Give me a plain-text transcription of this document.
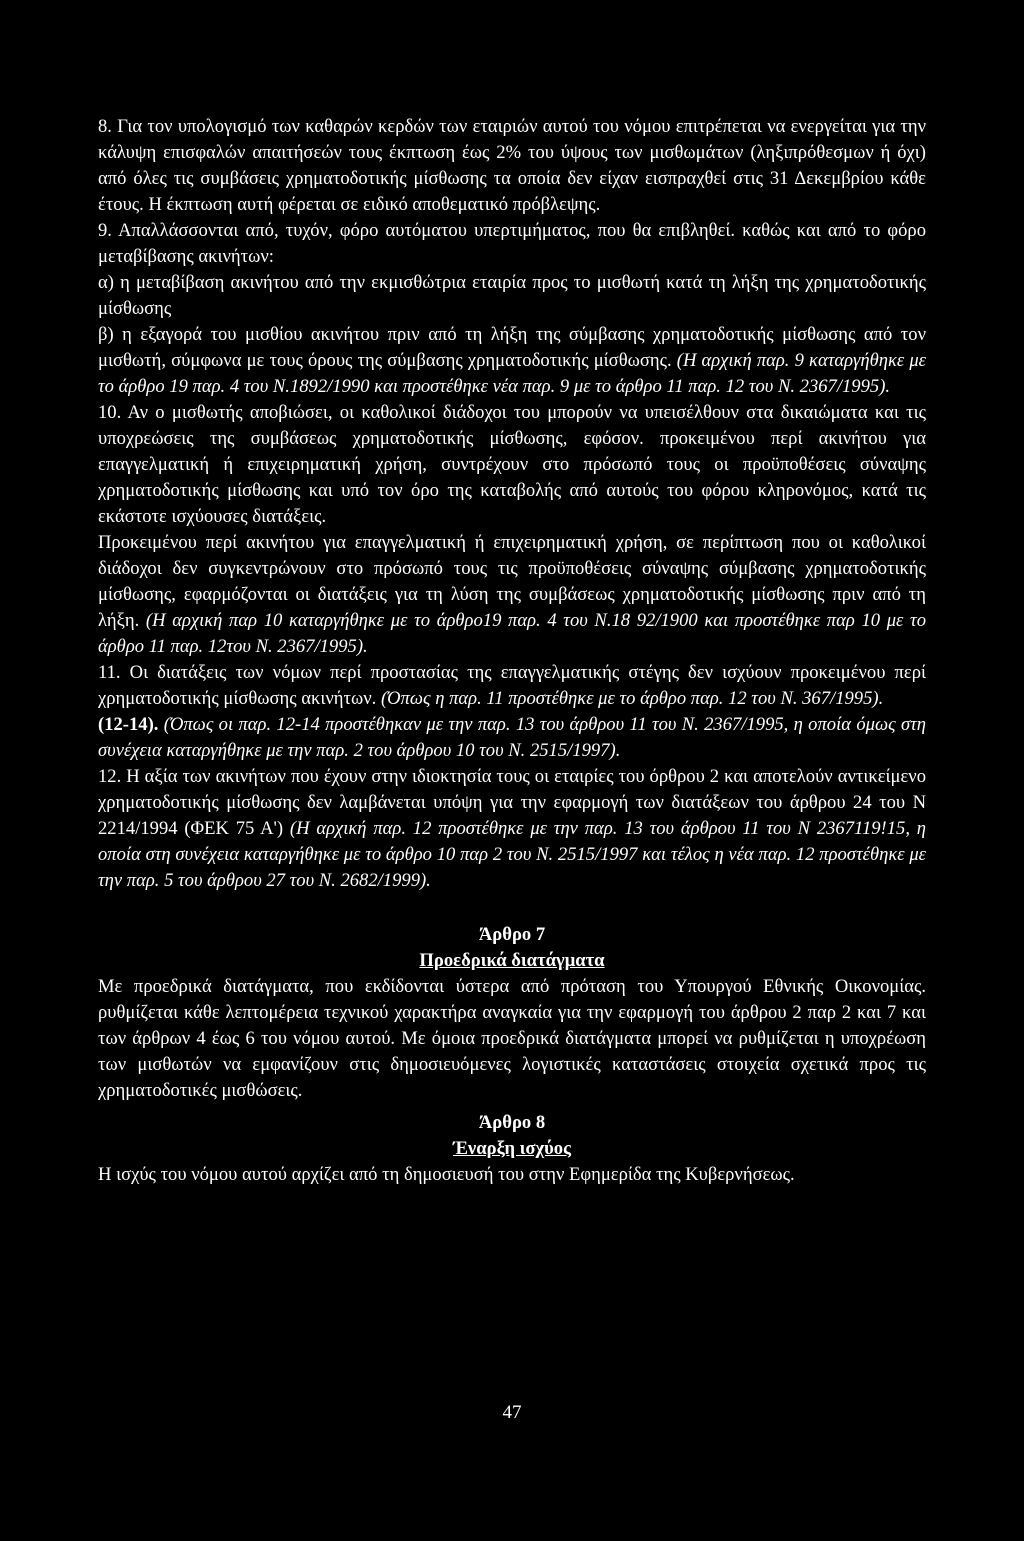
8. Για τον υπολογισμό των καθαρών κερδών των εταιριών αυτού του νόμου επιτρέπεται να ενεργείται για την κάλυψη επισφαλών απαιτήσεών τους έκπτωση έως 2% του ύψους των μισθωμάτων (ληξιπρόθεσμων ή όχι) από όλες τις συμβάσεις χρηματοδοτικής μίσθωσης τα οποία δεν είχαν εισπραχθεί στις 31 Δεκεμβρίου κάθε έτους. Η έκπτωση αυτή φέρεται σε ειδικό αποθεματικό πρόβλεψης.

9. Απαλλάσσονται από, τυχόν, φόρο αυτόματου υπερτιμήματος, που θα επιβληθεί. καθώς και από το φόρο μεταβίβασης ακινήτων:

α) η μεταβίβαση ακινήτου από την εκμισθώτρια εταιρία προς το μισθωτή κατά τη λήξη της χρηματοδοτικής μίσθωσης

β) η εξαγορά του μισθίου ακινήτου πριν από τη λήξη της σύμβασης χρηματοδοτικής μίσθωσης από τον μισθωτή, σύμφωνα με τους όρους της σύμβασης χρηματοδοτικής μίσθωσης. (Η αρχική παρ. 9 καταργήθηκε με το άρθρο 19 παρ. 4 του Ν.1892/1990 και προστέθηκε νέα παρ. 9 με το άρθρο 11 παρ. 12 του Ν. 2367/1995).

10. Αν ο μισθωτής αποβιώσει, οι καθολικοί διάδοχοι του μπορούν να υπεισέλθουν στα δικαιώματα και τις υποχρεώσεις της συμβάσεως χρηματοδοτικής μίσθωσης, εφόσον. προκειμένου περί ακινήτου για επαγγελματική ή επιχειρηματική χρήση, συντρέχουν στο πρόσωπό τους οι προϋποθέσεις σύναψης χρηματοδοτικής μίσθωσης και υπό τον όρο της καταβολής από αυτούς του φόρου κληρονόμος, κατά τις εκάστοτε ισχύουσες διατάξεις.

Προκειμένου περί ακινήτου για επαγγελματική ή επιχειρηματική χρήση, σε περίπτωση που οι καθολικοί διάδοχοι δεν συγκεντρώνουν στο πρόσωπό τους τις προϋποθέσεις σύναψης σύμβασης χρηματοδοτικής μίσθωσης, εφαρμόζονται οι διατάξεις για τη λύση της συμβάσεως χρηματοδοτικής μίσθωσης πριν από τη λήξη. (Η αρχική παρ 10 καταργήθηκε με το άρθρο19 παρ. 4 του Ν.18 92/1900 και προστέθηκε παρ 10 με το άρθρο 11 παρ. 12του Ν. 2367/1995).

11. Οι διατάξεις των νόμων περί προστασίας της επαγγελματικής στέγης δεν ισχύουν προκειμένου περί χρηματοδοτικής μίσθωσης ακινήτων. (Όπως η παρ. 11 προστέθηκε με το άρθρο παρ. 12 του Ν. 367/1995).

(12-14). (Όπως οι παρ. 12-14 προστέθηκαν με την παρ. 13 του άρθρου 11 του Ν. 2367/1995, η οποία όμως στη συνέχεια καταργήθηκε με την παρ. 2 του άρθρου 10 του Ν. 2515/1997).

12. Η αξία των ακινήτων που έχουν στην ιδιοκτησία τους οι εταιρίες του όρθρου 2 και αποτελούν αντικείμενο χρηματοδοτικής μίσθωσης δεν λαμβάνεται υπόψη για την εφαρμογή των διατάξεων του άρθρου 24 του Ν 2214/1994 (ΦΕΚ 75 Α') (Η αρχική παρ. 12 προστέθηκε με την παρ. 13 του άρθρου 11 του Ν 2367119!15, η οποία στη συνέχεια καταργήθηκε με το άρθρο 10 παρ 2 του Ν. 2515/1997 και τέλος η νέα παρ. 12 προστέθηκε με την παρ. 5 του άρθρου 27 του Ν. 2682/1999).

Άρθρο 7

Προεδρικά διατάγματα

Με προεδρικά διατάγματα, που εκδίδονται ύστερα από πρόταση του Υπουργού Εθνικής Οικονομίας. ρυθμίζεται κάθε λεπτομέρεια τεχνικού χαρακτήρα αναγκαία για την εφαρμογή του άρθρου 2 παρ 2 και 7 και των άρθρων 4 έως 6 του νόμου αυτού. Με όμοια προεδρικά διατάγματα μπορεί να ρυθμίζεται η υποχρέωση των μισθωτών να εμφανίζουν στις δημοσιευόμενες λογιστικές καταστάσεις στοιχεία σχετικά προς τις χρηματοδοτικές μισθώσεις.

Άρθρο 8

Έναρξη ισχύος

Η ισχύς του νόμου αυτού αρχίζει από τη δημοσιευσή του στην Εφημερίδα της Κυβερνήσεως.

47
